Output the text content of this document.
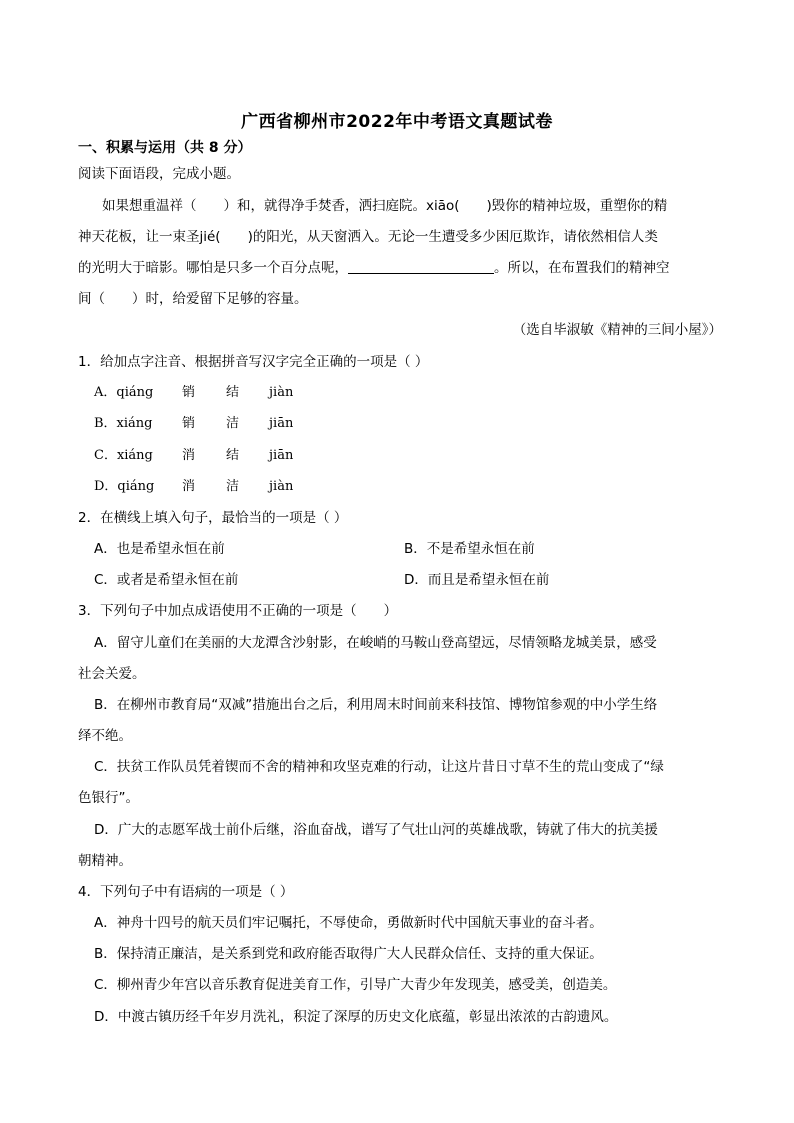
广西省柳州市2022年中考语文真题试卷
一、积累与运用（共 8 分）
阅读下面语段，完成小题。
如果想重温祥（　　）和，就得净手焚香，洒扫庭院。xiāo(　　)毁你的精神垃圾，重塑你的精
神天花板，让一束圣jié(　　)的阳光，从天窗洒入。无论一生遭受多少困厄欺诈，请依然相信人类
的光明大于暗影。哪怕是只多一个百分点呢，	。所以，在布置我们的精神空
间（　　）时，给爱留下足够的容量。
（选自毕淑敏《精神的三间小屋》）
1．给加点字注音、根据拼音写汉字完全正确的一项是（ ）
A．qiáng 销 结 jiàn
B．xiáng 销 洁 jiān
C．xiáng 消 结 jiān
D．qiáng 消 洁 jiàn
2．在横线上填入句子，最恰当的一项是（ ）
A．也是希望永恒在前	B．不是希望永恒在前
C．或者是希望永恒在前	D．而且是希望永恒在前
3．下列句子中加点成语使用不正确的一项是（　　）
A．留守儿童们在美丽的大龙潭含沙射影，在峻峭的马鞍山登高望远，尽情领略龙城美景，感受
社会关爱。
B．在柳州市教育局“双减”措施出台之后，利用周末时间前来科技馆、博物馆参观的中小学生络
绎不绝。
C．扶贫工作队员凭着锲而不舍的精神和攻坚克难的行动，让这片昔日寸草不生的荒山变成了“绿
色银行”。
D．广大的志愿军战士前仆后继，浴血奋战，谱写了气壮山河的英雄战歌，铸就了伟大的抗美援
朝精神。
4．下列句子中有语病的一项是（ ）
A．神舟十四号的航天员们牢记嘱托，不辱使命，勇做新时代中国航天事业的奋斗者。
B．保持清正廉洁，是关系到党和政府能否取得广大人民群众信任、支持的重大保证。
C．柳州青少年宫以音乐教育促进美育工作，引导广大青少年发现美，感受美，创造美。
D．中渡古镇历经千年岁月洗礼，积淀了深厚的历史文化底蕴，彰显出浓浓的古韵遗风。
